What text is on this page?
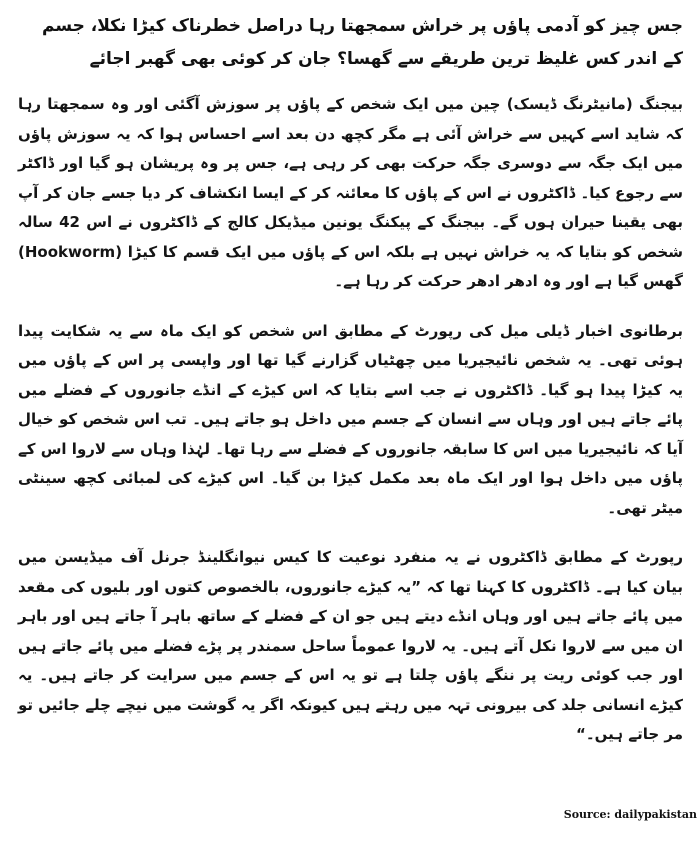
جس چیز کو آدمی پاؤں پر خراش سمجھتا رہا دراصل خطرناک کیڑا نکلا، جسم کے اندر کس غلیظ ترین طریقے سے گھسا؟ جان کر کوئی بھی گھبر اجائے

بیجنگ (مانیٹرنگ ڈیسک) چین میں ایک شخص کے پاؤں پر سوزش آگئی اور وہ سمجھتا رہا کہ شاید اسے کہیں سے خراش آئی ہے مگر کچھ دن بعد اسے احساس ہوا کہ یہ سوزش پاؤں میں ایک جگہ سے دوسری جگہ حرکت بھی کر رہی ہے، جس پر وہ پریشان ہو گیا اور ڈاکٹر سے رجوع کیا۔ ڈاکٹروں نے اس کے پاؤں کا معائنہ کر کے ایسا انکشاف کر دیا جسے جان کر آپ بھی یقینا حیران ہوں گے۔ بیجنگ کے پیکنگ یونین میڈیکل کالج کے ڈاکٹروں نے اس 42 سالہ شخص کو بتایا کہ یہ خراش نہیں ہے بلکہ اس کے پاؤں میں ایک قسم کا کیڑا (Hookworm) گھس گیا ہے اور وہ ادھر ادھر حرکت کر رہا ہے۔

برطانوی اخبار ڈیلی میل کی رپورٹ کے مطابق اس شخص کو ایک ماہ سے یہ شکایت پیدا ہوئی تھی۔ یہ شخص نائیجیریا میں چھٹیاں گزارنے گیا تھا اور واپسی پر اس کے پاؤں میں یہ کیڑا پیدا ہو گیا۔ ڈاکٹروں نے جب اسے بتایا کہ اس کیڑے کے انڈے جانوروں کے فضلے میں پائے جاتے ہیں اور وہاں سے انسان کے جسم میں داخل ہو جاتے ہیں۔ تب اس شخص کو خیال آیا کہ نائیجیریا میں اس کا سابقہ جانوروں کے فضلے سے رہا تھا۔ لہٰذا وہاں سے لاروا اس کے پاؤں میں داخل ہوا اور ایک ماہ بعد مکمل کیڑا بن گیا۔ اس کیڑے کی لمبائی کچھ سینٹی میٹر تھی۔

رپورٹ کے مطابق ڈاکٹروں نے یہ منفرد نوعیت کا کیس نیوانگلینڈ جرنل آف میڈیسن میں بیان کیا ہے۔ ڈاکٹروں کا کہنا تھا کہ ”یہ کیڑے جانوروں، بالخصوص کتوں اور بلیوں کی مقعد میں پائے جاتے ہیں اور وہاں انڈے دیتے ہیں جو ان کے فضلے کے ساتھ باہر آ جاتے ہیں اور باہر ان میں سے لاروا نکل آتے ہیں۔ یہ لاروا عموماً ساحل سمندر پر پڑے فضلے میں پائے جاتے ہیں اور جب کوئی ریت پر ننگے پاؤں چلتا ہے تو یہ اس کے جسم میں سرایت کر جاتے ہیں۔ یہ کیڑے انسانی جلد کی بیرونی تہہ میں رہتے ہیں کیونکہ اگر یہ گوشت میں نیچے چلے جائیں تو مر جاتے ہیں۔“

Source: dailypakistan
